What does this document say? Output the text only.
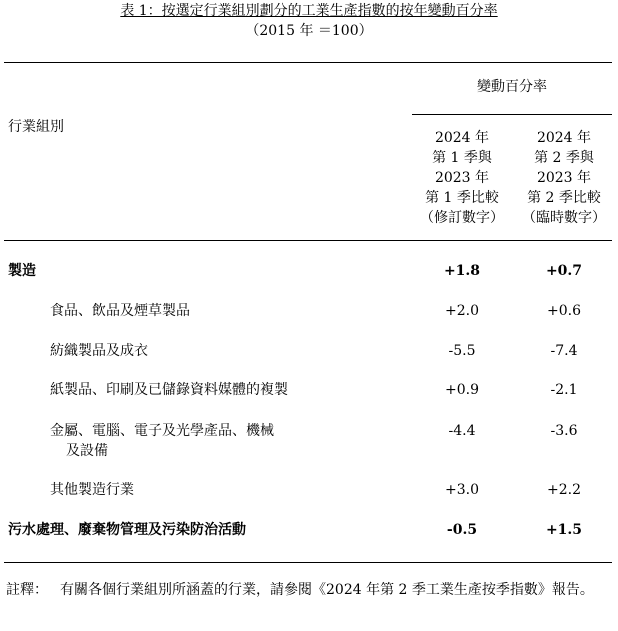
表 1：按選定行業組別劃分的工業生產指數的按年變動百分率
（2015 年 ＝100）
變動百分率
行業組別
2024 年
第 1 季與
2023 年
第 1 季比較
（修訂數字）
2024 年
第 2 季與
2023 年
第 2 季比較
（臨時數字）
製造	+1.8	+0.7
食品、飲品及煙草製品	+2.0	+0.6
紡織製品及成衣	-5.5	-7.4
紙製品、印刷及已儲錄資料媒體的複製	+0.9	-2.1
金屬、電腦、電子及光學產品、機械
及設備
-4.4	-3.6
其他製造行業	+3.0	+2.2
污水處理、廢棄物管理及污染防治活動	-0.5	+1.5
註釋： 有關各個行業組別所涵蓋的行業，請參閱《2024 年第 2 季工業生產按季指數》報告。
